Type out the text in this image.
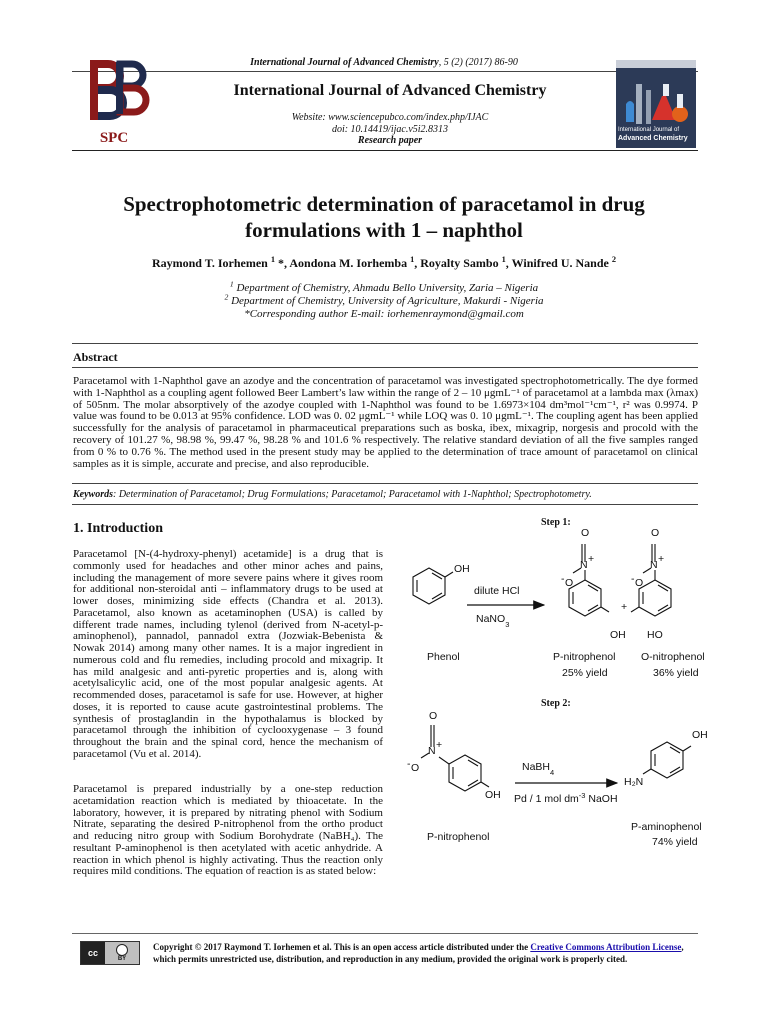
International Journal of Advanced Chemistry, 5 (2) (2017) 86-90
SPC
International Journal of Advanced Chemistry
Website: www.sciencepubco.com/index.php/IJAC
doi: 10.14419/ijac.v5i2.8313
Research paper
International Journal of
Advanced Chemistry
Spectrophotometric determination of paracetamol in drug
formulations with 1 – naphthol
Raymond T. Iorhemen $^1$ *, Aondona M. Iorhemba $^1$, Royalty Sambo $^1$, Winifred U. Nande $^2$
$^1$ Department of Chemistry, Ahmadu Bello University, Zaria – Nigeria
$^2$ Department of Chemistry, University of Agriculture, Makurdi - Nigeria
*Corresponding author E-mail: iorhemenraymond@gmail.com
Abstract
Paracetamol with 1-Naphthol gave an azodye and the concentration of paracetamol was investigated spectrophotometrically. The dye formed with 1-Naphthol as a coupling agent followed Beer Lambert’s law within the range of 2 – 10 μgmL⁻¹ of paracetamol at a lambda max (λmax) of 505nm. The molar absorptively of the azodye coupled with 1-Naphthol was found to be 1.6973×104 dm³mol⁻¹cm⁻¹, r² was 0.9974. P value was found to be 0.013 at 95% confidence. LOD was 0. 02 μgmL⁻¹ while LOQ was 0. 10 μgmL⁻¹. The coupling agent has been applied successfully for the analysis of paracetamol in pharmaceutical preparations such as boska, ibex, mixagrip, norgesis and procold with the recovery of 101.27 %, 98.98 %, 99.47 %, 98.28 % and 101.6 % respectively. The relative standard deviation of all the five samples ranged from 0 % to 0.76 %. The method used in the present study may be applied to the determination of trace amount of paracetamol on clinical samples as it is simple, accurate and precise, and also reproducible.
Keywords: Determination of Paracetamol; Drug Formulations; Paracetamol; Paracetamol with 1-Naphthol; Spectrophotometry.
1. Introduction
Paracetamol [N-(4-hydroxy-phenyl) acetamide] is a drug that is commonly used for headaches and other minor aches and pains, including the management of more severe pains where it gives room for additional non-steroidal anti – inflammatory drugs to be used at lower doses, minimizing side effects (Chandra et al. 2013). Paracetamol, also known as acetaminophen (USA) is called by different trade names, including tylenol (derived from N-acetyl-p-aminophenol), pannadol, pannadol extra (Jozwiak-Bebenista & Nowak 2014) among many other names. It is a major ingredient in numerous cold and flu remedies, including procold and mixagrip. It has mild analgesic and anti-pyretic properties and is, along with acetylsalicylic acid, one of the most popular analgesic agents. At recommended doses, paracetamol is safe for use. However, at higher doses, it is reported to cause acute gastrointestinal problems. The synthesis of prostaglandin in the hypothalamus is blocked by paracetamol through the inhibition of cyclooxygenase – 3 found throughout the brain and the spinal cord, hence the mechanism of paracetamol (Vu et al. 2014).
Paracetamol is prepared industrially by a one-step reduction acetamidation reaction which is mediated by thioacetate. In the laboratory, however, it is prepared by nitrating phenol with Sodium Nitrate, separating the desired P-nitrophenol from the ortho product and reducing nitro group with Sodium Borohydrate (NaBH₄). The resultant P-aminophenol is then acetylated with acetic anhydride. A reaction in which phenol is highly activating. Thus the reaction only requires mild conditions. The equation of reaction is as stated below:
Step 1:
OH
Phenol
dilute HCl
NaNO$_3$
O
N +
- O
OH
P-nitrophenol
25% yield
+
O
N +
- O
HO
O-nitrophenol
36% yield
Step 2:
O
N +
- O
OH
P-nitrophenol
NaBH$_4$
Pd / 1 mol $dm^{-3}$ NaOH
OH
H₂N
P-aminophenol
74% yield
cc
BY
Copyright © 2017 Raymond T. Iorhemen et al. This is an open access article distributed under the Creative Commons Attribution License, which permits unrestricted use, distribution, and reproduction in any medium, provided the original work is properly cited.
